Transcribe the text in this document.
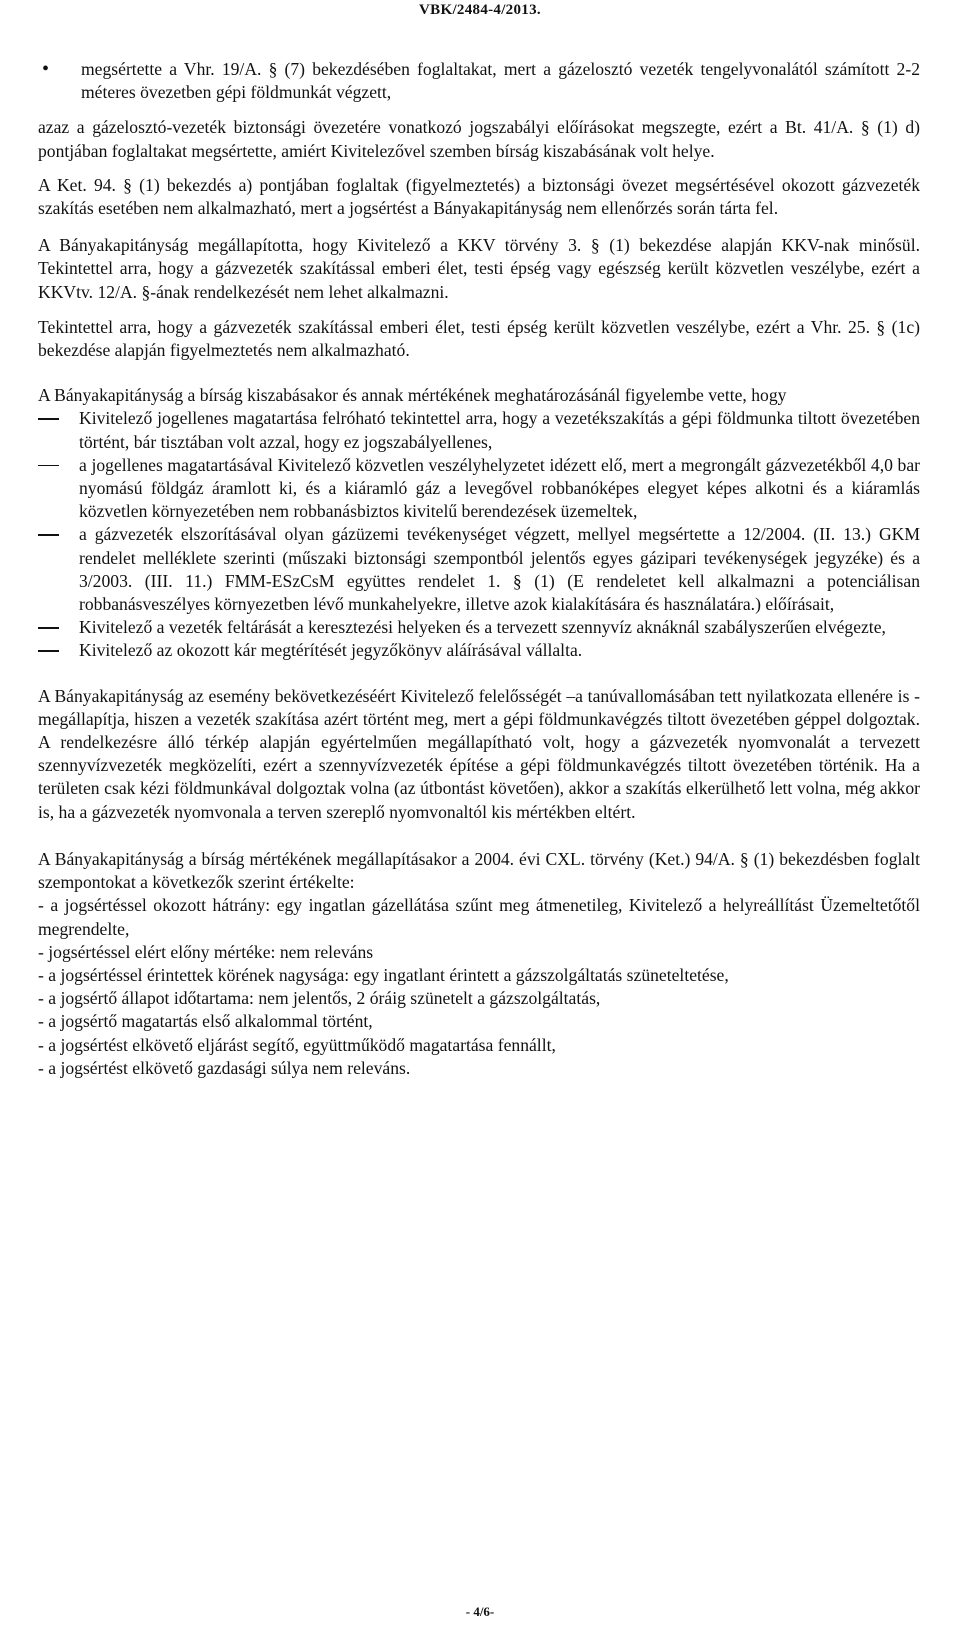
VBK/2484-4/2013.

• megsértette a Vhr. 19/A. § (7) bekezdésében foglaltakat, mert a gázelosztó vezeték tengelyvonalától számított 2-2 méteres övezetben gépi földmunkát végzett,

azaz a gázelosztó-vezeték biztonsági övezetére vonatkozó jogszabályi előírásokat megszegte, ezért a Bt. 41/A. § (1) d) pontjában foglaltakat megsértette, amiért Kivitelezővel szemben bírság kiszabásának volt helye.

A Ket. 94. § (1) bekezdés a) pontjában foglaltak (figyelmeztetés) a biztonsági övezet megsértésével okozott gázvezeték szakítás esetében nem alkalmazható, mert a jogsértést a Bányakapitányság nem ellenőrzés során tárta fel.

A Bányakapitányság megállapította, hogy Kivitelező a KKV törvény 3. § (1) bekezdése alapján KKV-nak minősül. Tekintettel arra, hogy a gázvezeték szakítással emberi élet, testi épség vagy egészség került közvetlen veszélybe, ezért a KKVtv. 12/A. §-ának rendelkezését nem lehet alkalmazni.

Tekintettel arra, hogy a gázvezeték szakítással emberi élet, testi épség került közvetlen veszélybe, ezért a Vhr. 25. § (1c) bekezdése alapján figyelmeztetés nem alkalmazható.

A Bányakapitányság a bírság kiszabásakor és annak mértékének meghatározásánál figyelembe vette, hogy

Kivitelező jogellenes magatartása felróható tekintettel arra, hogy a vezetékszakítás a gépi földmunka tiltott övezetében történt, bár tisztában volt azzal, hogy ez jogszabályellenes,
a jogellenes magatartásával Kivitelező közvetlen veszélyhelyzetet idézett elő, mert a megrongált gázvezetékből 4,0 bar nyomású földgáz áramlott ki, és a kiáramló gáz a levegővel robbanóképes elegyet képes alkotni és a kiáramlás közvetlen környezetében nem robbanásbiztos kivitelű berendezések üzemeltek,
a gázvezeték elszorításával olyan gázüzemi tevékenységet végzett, mellyel megsértette a 12/2004. (II. 13.) GKM rendelet melléklete szerinti (műszaki biztonsági szempontból jelentős egyes gázipari tevékenységek jegyzéke) és a 3/2003. (III. 11.) FMM-ESzCsM együttes rendelet 1. § (1) (E rendeletet kell alkalmazni a potenciálisan robbanásveszélyes környezetben lévő munkahelyekre, illetve azok kialakítására és használatára.) előírásait,
Kivitelező a vezeték feltárását a keresztezési helyeken és a tervezett szennyvíz aknáknál szabályszerűen elvégezte,
Kivitelező az okozott kár megtérítését jegyzőkönyv aláírásával vállalta.

A Bányakapitányság az esemény bekövetkezéséért Kivitelező felelősségét –a tanúvallomásában tett nyilatkozata ellenére is - megállapítja, hiszen a vezeték szakítása azért történt meg, mert a gépi földmunkavégzés tiltott övezetében géppel dolgoztak. A rendelkezésre álló térkép alapján egyértelműen megállapítható volt, hogy a gázvezeték nyomvonalát a tervezett szennyvízvezeték megközelíti, ezért a szennyvízvezeték építése a gépi földmunkavégzés tiltott övezetében történik. Ha a területen csak kézi földmunkával dolgoztak volna (az útbontást követően), akkor a szakítás elkerülhető lett volna, még akkor is, ha a gázvezeték nyomvonala a terven szereplő nyomvonaltól kis mértékben eltért.

A Bányakapitányság a bírság mértékének megállapításakor a 2004. évi CXL. törvény (Ket.) 94/A. § (1) bekezdésben foglalt szempontokat a következők szerint értékelte:

- a jogsértéssel okozott hátrány: egy ingatlan gázellátása szűnt meg átmenetileg, Kivitelező a helyreállítást Üzemeltetőtől megrendelte,

- jogsértéssel elért előny mértéke: nem releváns

- a jogsértéssel érintettek körének nagysága: egy ingatlant érintett a gázszolgáltatás szüneteltetése,

- a jogsértő állapot időtartama: nem jelentős, 2 óráig szünetelt a gázszolgáltatás,

- a jogsértő magatartás első alkalommal történt,

- a jogsértést elkövető eljárást segítő, együttműködő magatartása fennállt,

- a jogsértést elkövető gazdasági súlya nem releváns.

- 4/6-
